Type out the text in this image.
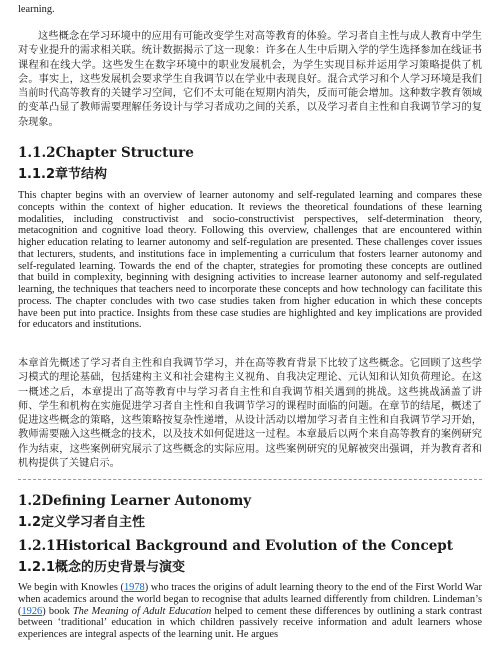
learning.

这些概念在学习环境中的应用有可能改变学生对高等教育的体验。学习者自主性与成人教育中学生对专业提升的需求相关联。统计数据揭示了这一现象：许多在人生中后期入学的学生选择参加在线证书课程和在线大学。这些发生在数字环境中的职业发展机会，为学生实现目标并运用学习策略提供了机会。事实上，这些发展机会要求学生自我调节以在学业中表现良好。混合式学习和个人学习环境是我们当前时代高等教育的关键学习空间，它们不太可能在短期内消失，反而可能会增加。这种数字教育领域的变革凸显了教师需要理解任务设计与学习者成功之间的关系，以及学习者自主性和自我调节学习的复杂现象。

1.1.2Chapter Structure
1.1.2章节结构

This chapter begins with an overview of learner autonomy and self-regulated learning and compares these concepts within the context of higher education. It reviews the theoretical foundations of these learning modalities, including constructivist and socio-constructivist perspectives, self-determination theory, metacognition and cognitive load theory. Following this overview, challenges that are encountered within higher education relating to learner autonomy and self-regulation are presented. These challenges cover issues that lecturers, students, and institutions face in implementing a curriculum that fosters learner autonomy and self-regulated learning. Towards the end of the chapter, strategies for promoting these concepts are outlined that build in complexity, beginning with designing activities to increase learner autonomy and self-regulated learning, the techniques that teachers need to incorporate these concepts and how technology can facilitate this process. The chapter concludes with two case studies taken from higher education in which these concepts have been put into practice. Insights from these case studies are highlighted and key implications are provided for educators and institutions.

本章首先概述了学习者自主性和自我调节学习，并在高等教育背景下比较了这些概念。它回顾了这些学习模式的理论基础，包括建构主义和社会建构主义视角、自我决定理论、元认知和认知负荷理论。在这一概述之后，本章提出了高等教育中与学习者自主性和自我调节相关遇到的挑战。这些挑战涵盖了讲师、学生和机构在实施促进学习者自主性和自我调节学习的课程时面临的问题。在章节的结尾，概述了促进这些概念的策略，这些策略按复杂性递增，从设计活动以增加学习者自主性和自我调节学习开始，教师需要融入这些概念的技术，以及技术如何促进这一过程。本章最后以两个来自高等教育的案例研究作为结束，这些案例研究展示了这些概念的实际应用。这些案例研究的见解被突出强调，并为教育者和机构提供了关键启示。

1.2Defining Learner Autonomy
1.2定义学习者自主性
1.2.1Historical Background and Evolution of the Concept
1.2.1概念的历史背景与演变

We begin with Knowles (1978) who traces the origins of adult learning theory to the end of the First World War when academics around the world began to recognise that adults learned differently from children. Lindeman’s (1926) book The Meaning of Adult Education helped to cement these differences by outlining a stark contrast between ‘traditional’ education in which children passively receive information and adult learners whose experiences are integral aspects of the learning unit. He argues
